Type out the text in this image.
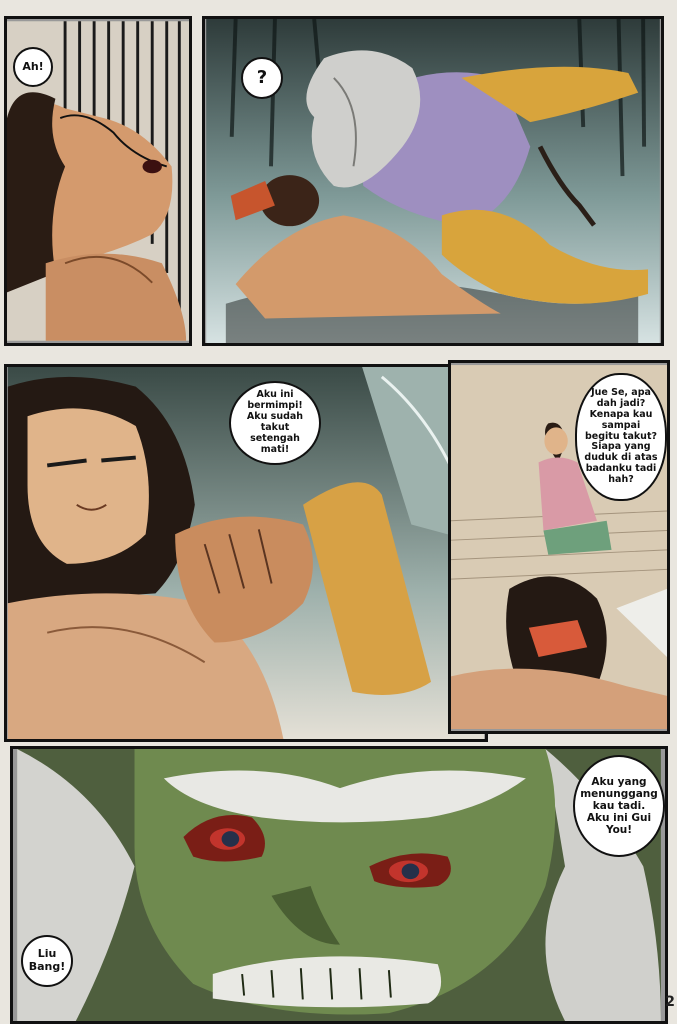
Ah!
?
Aku ini bermimpi! Aku sudah takut setengah mati!
Jue Se, apa dah jadi? Kenapa kau sampai begitu takut? Siapa yang duduk di atas badanku tadi hah?
Aku yang menunggang kau tadi. Aku ini Gui You!
Liu Bang!
2
